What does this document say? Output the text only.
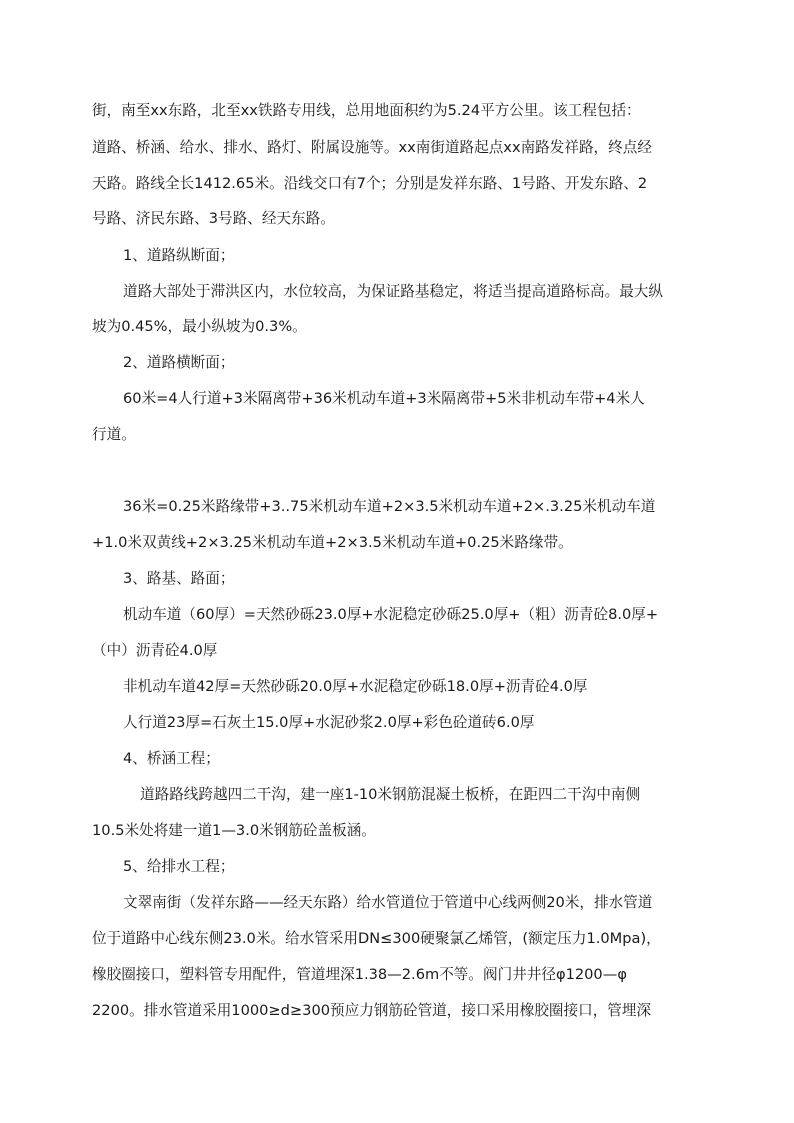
街，南至xx东路，北至xx铁路专用线，总用地面积约为5.24平方公里。该工程包括：
道路、桥涵、给水、排水、路灯、附属设施等。xx南街道路起点xx南路发祥路，终点经
天路。路线全长1412.65米。沿线交口有7个；分别是发祥东路、1号路、开发东路、2
号路、济民东路、3号路、经天东路。
1、道路纵断面；
道路大部处于滞洪区内，水位较高，为保证路基稳定，将适当提高道路标高。最大纵
坡为0.45%，最小纵坡为0.3%。
2、道路横断面；
60米=4人行道+3米隔离带+36米机动车道+3米隔离带+5米非机动车带+4米人
行道。
36米=0.25米路缘带+3..75米机动车道+2×3.5米机动车道+2×.3.25米机动车道
+1.0米双黄线+2×3.25米机动车道+2×3.5米机动车道+0.25米路缘带。
3、路基、路面；
机动车道（60厚）=天然砂砾23.0厚+水泥稳定砂砾25.0厚+（粗）沥青砼8.0厚+
（中）沥青砼4.0厚
非机动车道42厚=天然砂砾20.0厚+水泥稳定砂砾18.0厚+沥青砼4.0厚
人行道23厚=石灰土15.0厚+水泥砂浆2.0厚+彩色砼道砖6.0厚
4、桥涵工程；
道路路线跨越四二干沟，建一座1-10米钢筋混凝土板桥，在距四二干沟中南侧
10.5米处将建一道1—3.0米钢筋砼盖板涵。
5、给排水工程；
文翠南街（发祥东路——经天东路）给水管道位于管道中心线两侧20米，排水管道
位于道路中心线东侧23.0米。给水管采用DN≤300硬聚氯乙烯管，(额定压力1.0Mpa)，
橡胶圈接口，塑料管专用配件，管道埋深1.38—2.6m不等。阀门井井径φ1200—φ
2200。排水管道采用1000≥d≥300预应力钢筋砼管道，接口采用橡胶圈接口，管埋深
